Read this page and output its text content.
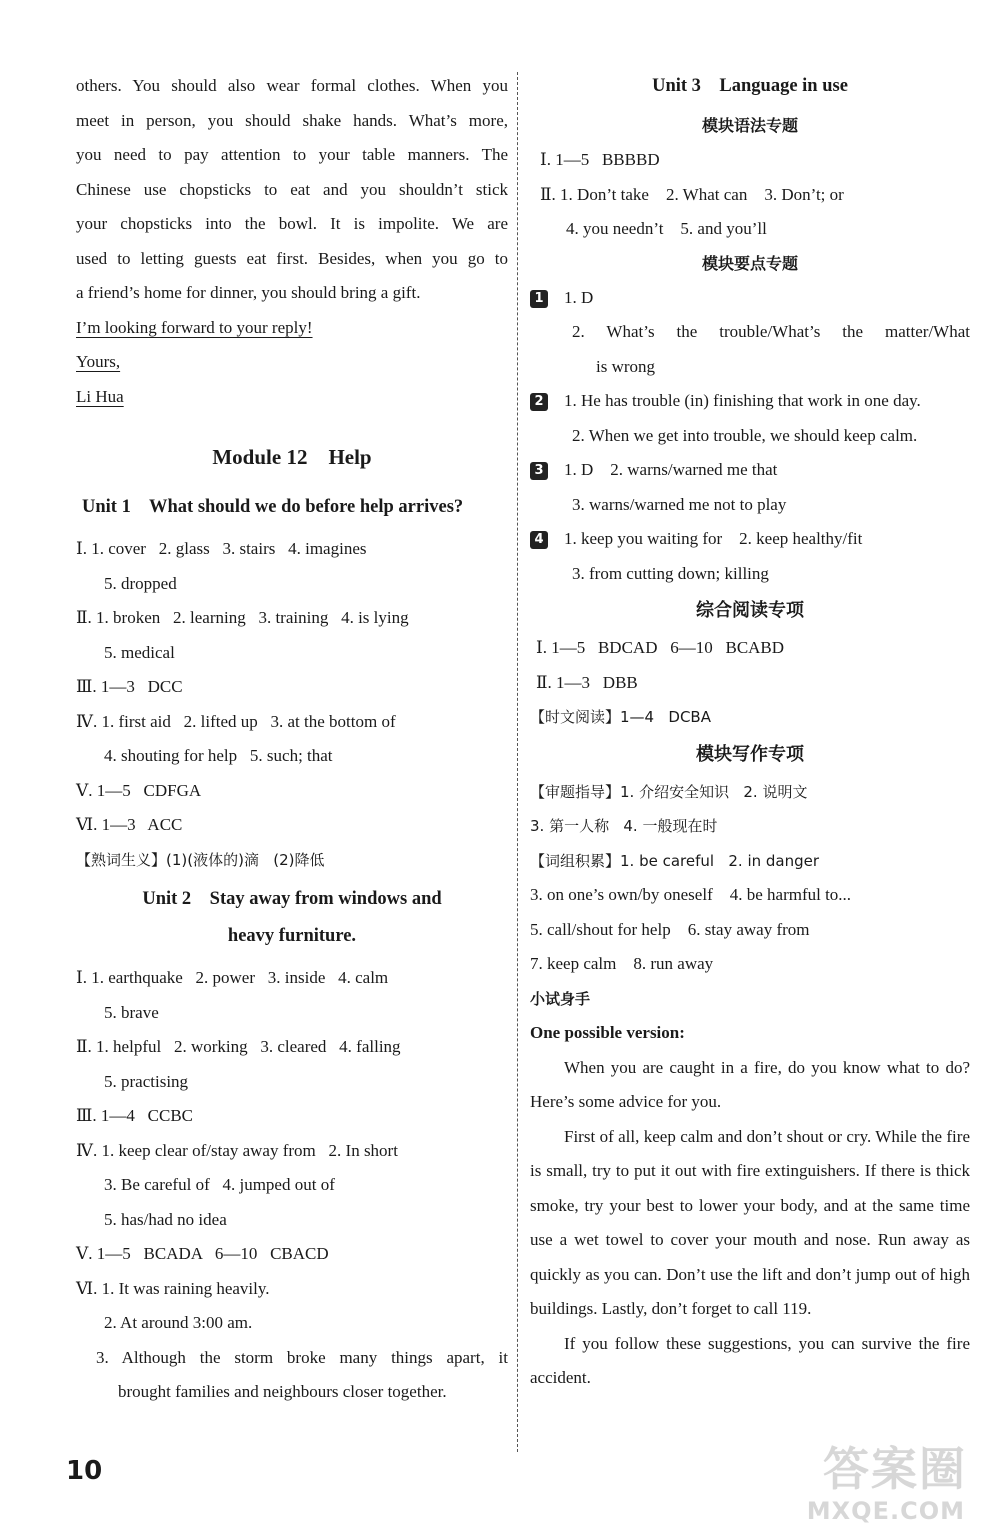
others. You should also wear formal clothes. When you
meet in person, you should shake hands. What’s more,
you need to pay attention to your table manners. The
Chinese use chopsticks to eat and you shouldn’t stick
your chopsticks into the bowl. It is impolite. We are
used to letting guests eat first. Besides, when you go to
a friend’s home for dinner, you should bring a gift.
I’m looking forward to your reply!
Yours,
Li Hua
Module 12    Help
Unit 1    What should we do before help arrives?
Ⅰ. 1. cover   2. glass   3. stairs   4. imagines
5. dropped
Ⅱ. 1. broken   2. learning   3. training   4. is lying
5. medical
Ⅲ. 1—3   DCC
Ⅳ. 1. first aid   2. lifted up   3. at the bottom of
4. shouting for help   5. such; that
Ⅴ. 1—5   CDFGA
Ⅵ. 1—3   ACC
【熟词生义】(1)(液体的)滴   (2)降低
Unit 2    Stay away from windows and
heavy furniture.
Ⅰ. 1. earthquake   2. power   3. inside   4. calm
5. brave
Ⅱ. 1. helpful   2. working   3. cleared   4. falling
5. practising
Ⅲ. 1—4   CCBC
Ⅳ. 1. keep clear of/stay away from   2. In short
3. Be careful of   4. jumped out of
5. has/had no idea
Ⅴ. 1—5   BCADA   6—10   CBACD
Ⅵ. 1. It was raining heavily.
2. At around 3:00 am.
3. Although the storm broke many things apart, it
brought families and neighbours closer together.
Unit 3    Language in use
模块语法专题
Ⅰ. 1—5   BBBBD
Ⅱ. 1. Don’t take    2. What can    3. Don’t; or
4. you needn’t    5. and you’ll
模块要点专题
1 1. D
2. What’s the trouble/What’s the matter/What
is wrong
2 1. He has trouble (in) finishing that work in one day.
2. When we get into trouble, we should keep calm.
3 1. D    2. warns/warned me that
3. warns/warned me not to play
4 1. keep you waiting for    2. keep healthy/fit
3. from cutting down; killing
综合阅读专项
Ⅰ. 1—5   BDCAD   6—10   BCABD
Ⅱ. 1—3   DBB
【时文阅读】1—4   DCBA
模块写作专项
【审题指导】1. 介绍安全知识   2. 说明文
3. 第一人称   4. 一般现在时
【词组积累】1. be careful   2. in danger
3. on one’s own/by oneself    4. be harmful to...
5. call/shout for help    6. stay away from
7. keep calm    8. run away
小试身手
One possible version:
When you are caught in a fire, do you know what to do? Here’s some advice for you.
First of all, keep calm and don’t shout or cry. While the fire is small, try to put it out with fire extinguishers. If there is thick smoke, try your best to lower your body, and at the same time use a wet towel to cover your mouth and nose. Run away as quickly as you can. Don’t use the lift and don’t jump out of high buildings. Lastly, don’t forget to call 119.
If you follow these suggestions, you can survive the fire accident.
10	答案圈
MXQE.COM
